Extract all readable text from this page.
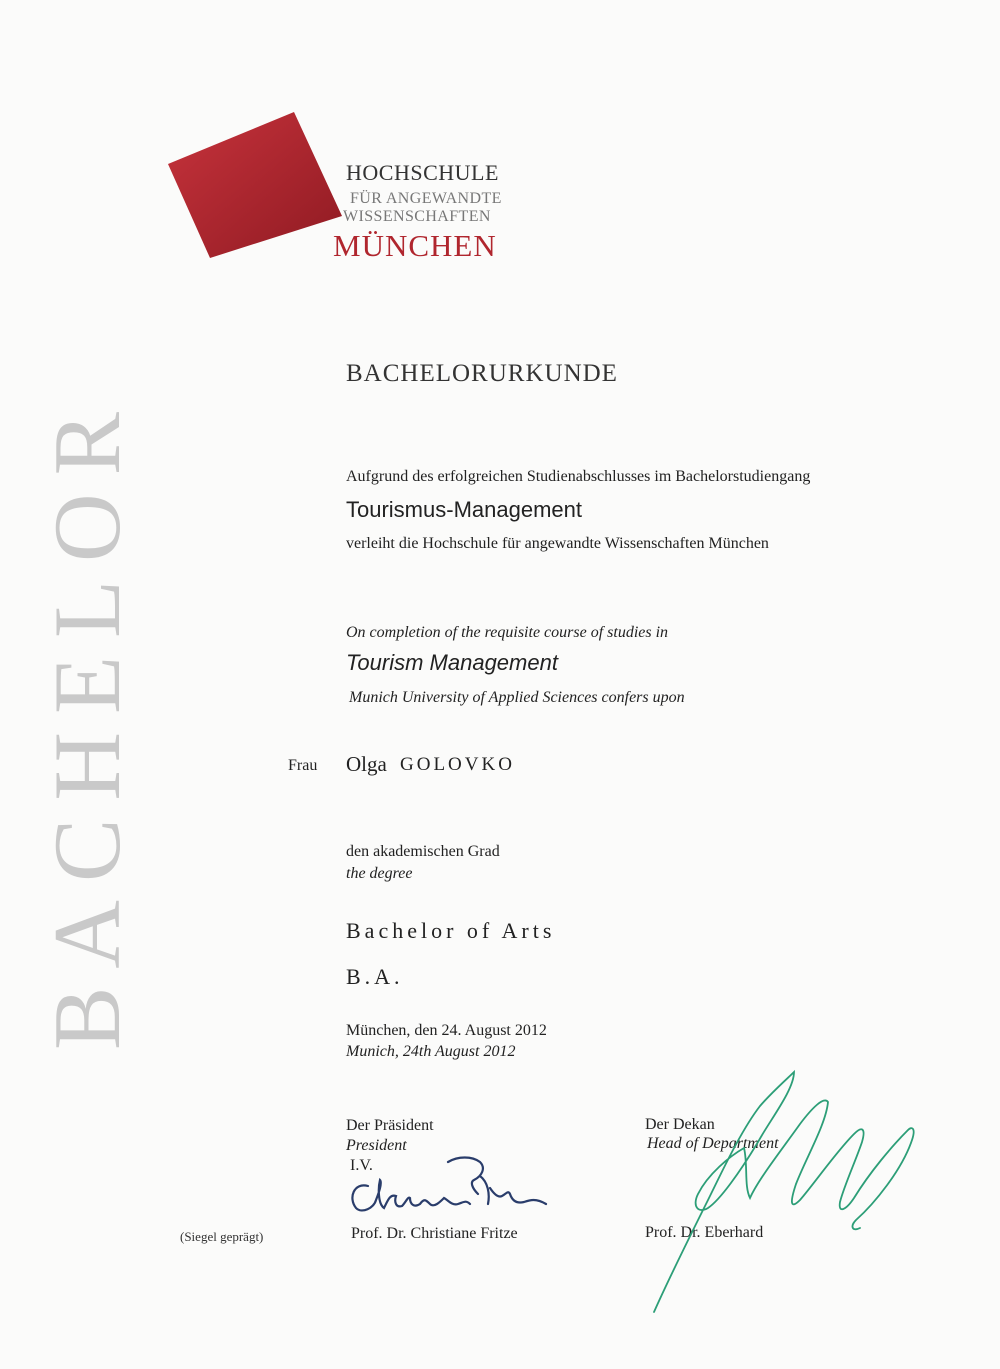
HOCHSCHULE
FÜR ANGEWANDTE
WISSENSCHAFTEN
MÜNCHEN
BACHELOR
BACHELORURKUNDE
Aufgrund des erfolgreichen Studienabschlusses im Bachelorstudiengang
Tourismus-Management
verleiht die Hochschule für angewandte Wissenschaften München
On completion of the requisite course of studies in
Tourism Management
Munich University of Applied Sciences confers upon
Frau Olga GOLOVKO
den akademischen Grad
the degree
Bachelor of Arts
B.A.
München, den 24. August 2012
Munich, 24th August 2012
Der Präsident
President
I.V.
Prof. Dr. Christiane Fritze
Der Dekan
Head of Department
Prof. Dr. Eberhard
(Siegel geprägt)
